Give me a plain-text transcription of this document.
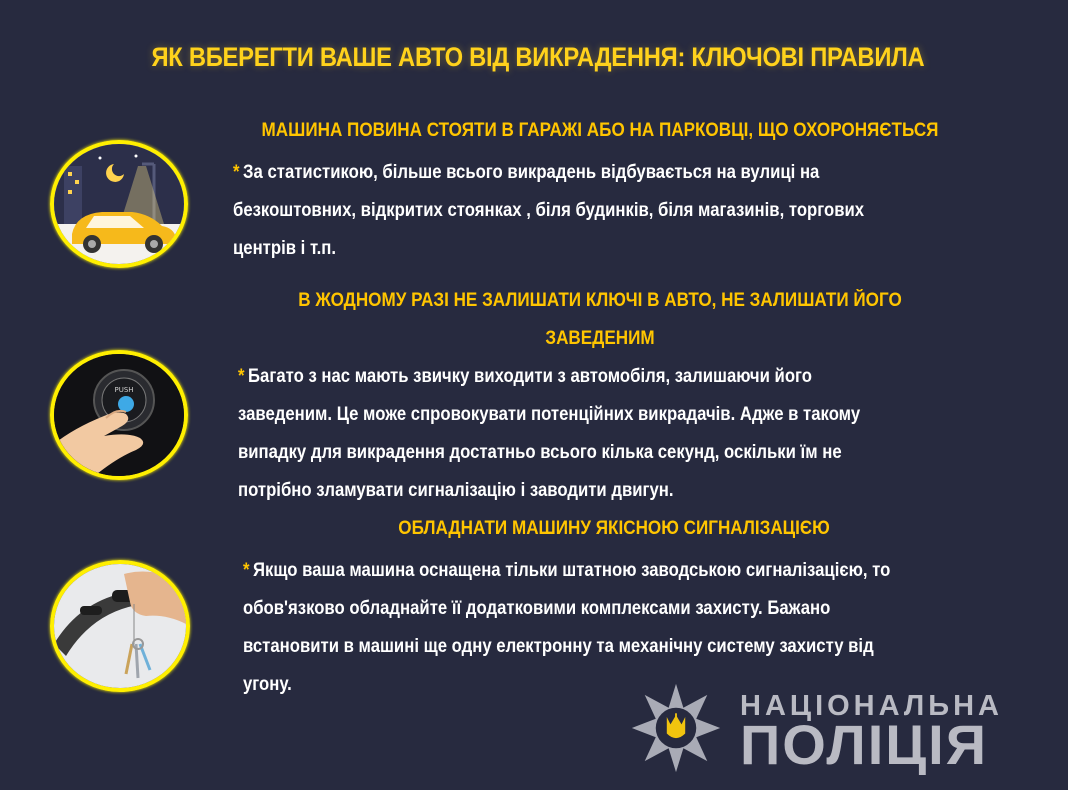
ЯК ВБЕРЕГТИ ВАШЕ АВТО ВІД ВИКРАДЕННЯ: КЛЮЧОВІ ПРАВИЛА
МАШИНА ПОВИНА СТОЯТИ В ГАРАЖІ АБО НА ПАРКОВЦІ, ЩО ОХОРОНЯЄТЬСЯ
* За статистикою, більше всього викрадень відбувається на вулиці на
безкоштовних, відкритих стоянках , біля будинків, біля магазинів, торгових
центрів і т.п.
В ЖОДНОМУ РАЗІ НЕ ЗАЛИШАТИ КЛЮЧІ В АВТО, НЕ ЗАЛИШАТИ ЙОГО
ЗАВЕДЕНИМ
PUSH
* Багато з нас мають звичку виходити з автомобіля, залишаючи його
заведеним. Це може спровокувати потенційних викрадачів. Адже в такому
випадку для викрадення достатньо всього кілька секунд, оскільки їм не
потрібно зламувати сигналізацію і заводити двигун.
ОБЛАДНАТИ МАШИНУ ЯКІСНОЮ СИГНАЛІЗАЦІЄЮ
* Якщо ваша машина оснащена тільки штатною заводською сигналізацією, то
обов'язково обладнайте її додатковими комплексами захисту. Бажано
встановити в машині ще одну електронну та механічну систему захисту від
угону.
НАЦІОНАЛЬНА
ПОЛІЦІЯ
